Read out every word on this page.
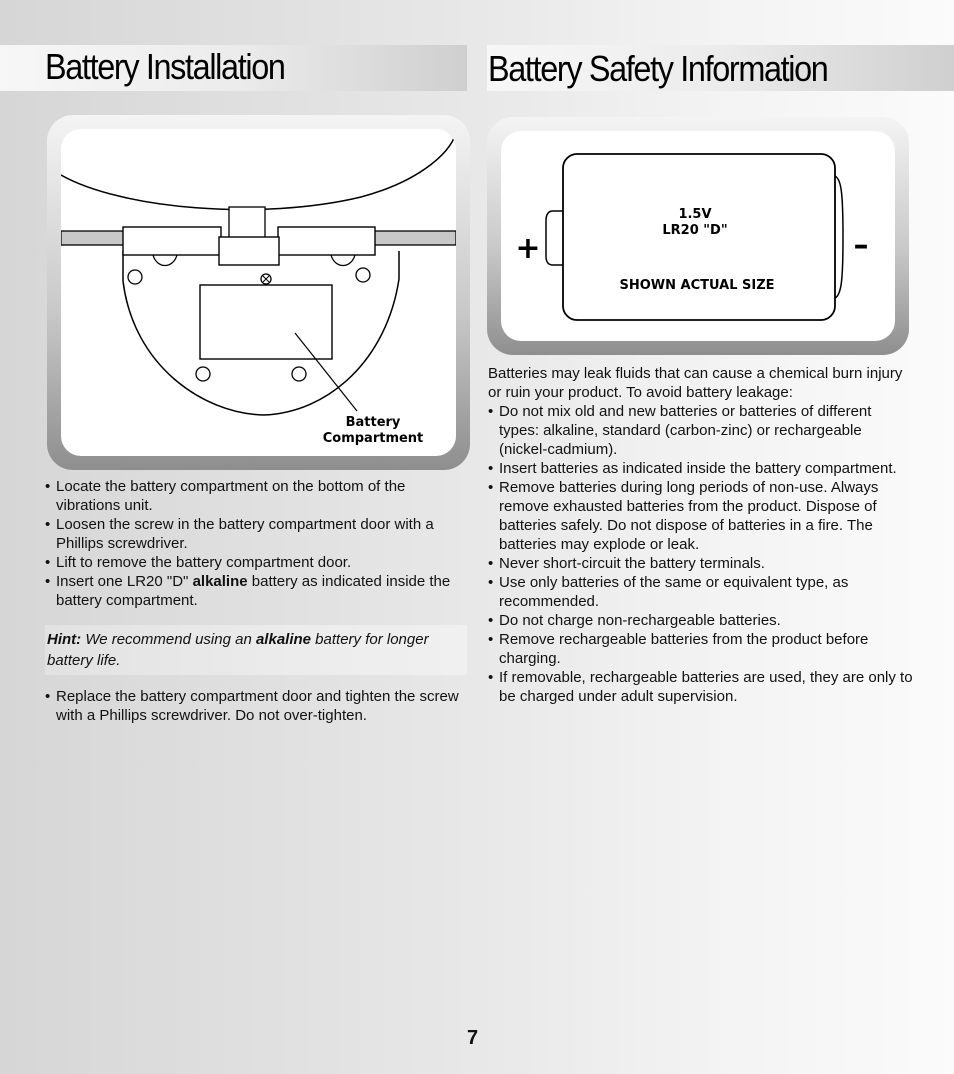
Battery Installation	Battery Safety Information
Battery
Compartment
+	–
1.5V
LR20 "D"
SHOWN ACTUAL SIZE
• Locate the battery compartment on the bottom of the vibrations unit.
• Loosen the screw in the battery compartment door with a Phillips screwdriver.
• Lift to remove the battery compartment door.
• Insert one LR20 "D" alkaline battery as indicated inside the battery compartment.
Hint: We recommend using an alkaline battery for longer battery life.
• Replace the battery compartment door and tighten the screw with a Phillips screwdriver. Do not over-tighten.
Batteries may leak fluids that can cause a chemical burn injury or ruin your product. To avoid battery leakage:
• Do not mix old and new batteries or batteries of different types: alkaline, standard (carbon-zinc) or rechargeable (nickel-cadmium).
• Insert batteries as indicated inside the battery compartment.
• Remove batteries during long periods of non-use. Always remove exhausted batteries from the product. Dispose of batteries safely. Do not dispose of batteries in a fire. The batteries may explode or leak.
• Never short-circuit the battery terminals.
• Use only batteries of the same or equivalent type, as recommended.
• Do not charge non-rechargeable batteries.
• Remove rechargeable batteries from the product before charging.
• If removable, rechargeable batteries are used, they are only to be charged under adult supervision.
7
